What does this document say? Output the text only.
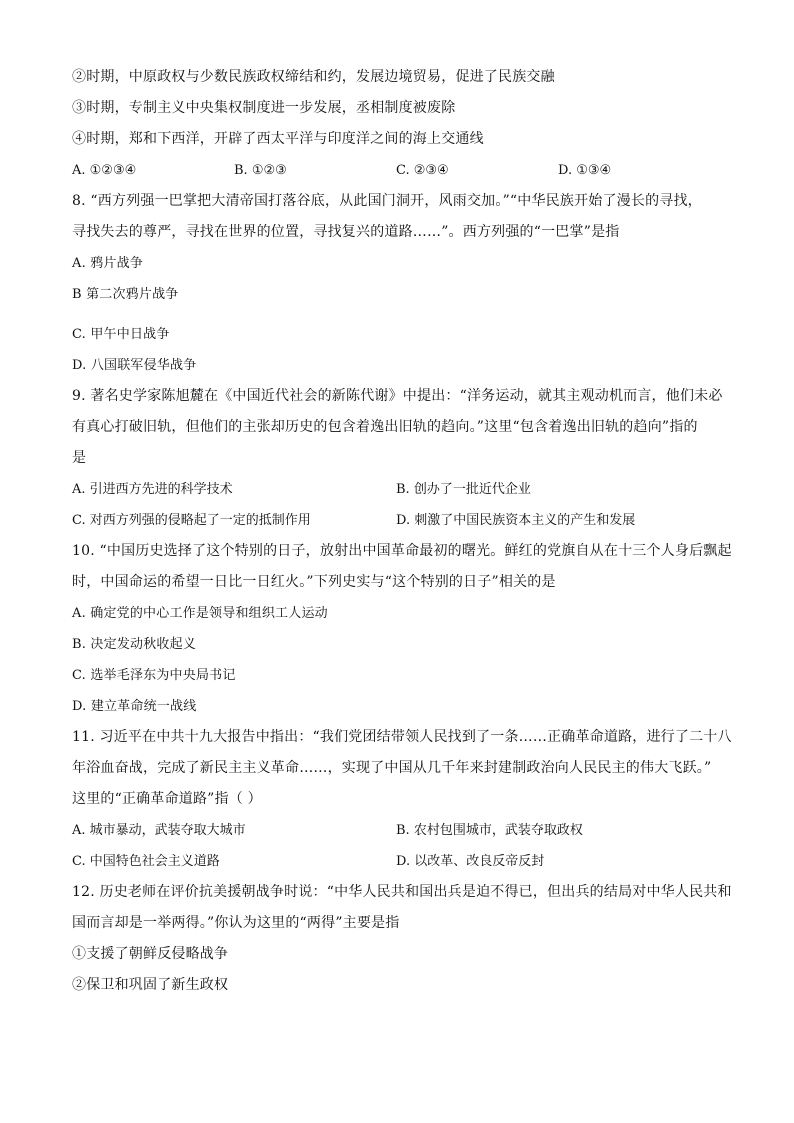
②时期，中原政权与少数民族政权缔结和约，发展边境贸易，促进了民族交融
③时期，专制主义中央集权制度进一步发展，丞相制度被废除
④时期，郑和下西洋，开辟了西太平洋与印度洋之间的海上交通线
A. ①②③④	B. ①②③	C. ②③④	D. ①③④
8. “西方列强一巴掌把大清帝国打落谷底，从此国门洞开，风雨交加。”“中华民族开始了漫长的寻找，
寻找失去的尊严，寻找在世界的位置，寻找复兴的道路……”。西方列强的“一巴掌”是指
A. 鸦片战争
B 第二次鸦片战争
C. 甲午中日战争
D. 八国联军侵华战争
9. 著名史学家陈旭麓在《中国近代社会的新陈代谢》中提出：“洋务运动，就其主观动机而言，他们未必
有真心打破旧轨，但他们的主张却历史的包含着逸出旧轨的趋向。”这里“包含着逸出旧轨的趋向”指的
是
A. 引进西方先进的科学技术	B. 创办了一批近代企业
C. 对西方列强的侵略起了一定的抵制作用	D. 刺激了中国民族资本主义的产生和发展
10. “中国历史选择了这个特别的日子，放射出中国革命最初的曙光。鲜红的党旗自从在十三个人身后飘起
时，中国命运的希望一日比一日红火。”下列史实与“这个特别的日子”相关的是
A. 确定党的中心工作是领导和组织工人运动
B. 决定发动秋收起义
C. 选举毛泽东为中央局书记
D. 建立革命统一战线
11. 习近平在中共十九大报告中指出：“我们党团结带领人民找到了一条……正确革命道路，进行了二十八
年浴血奋战，完成了新民主主义革命……，实现了中国从几千年来封建制政治向人民民主的伟大飞跃。”
这里的“正确革命道路”指（ ）
A. 城市暴动，武装夺取大城市	B. 农村包围城市，武装夺取政权
C. 中国特色社会主义道路	D. 以改革、改良反帝反封
12. 历史老师在评价抗美援朝战争时说：“中华人民共和国出兵是迫不得已，但出兵的结局对中华人民共和
国而言却是一举两得。”你认为这里的“两得”主要是指
①支援了朝鲜反侵略战争
②保卫和巩固了新生政权
